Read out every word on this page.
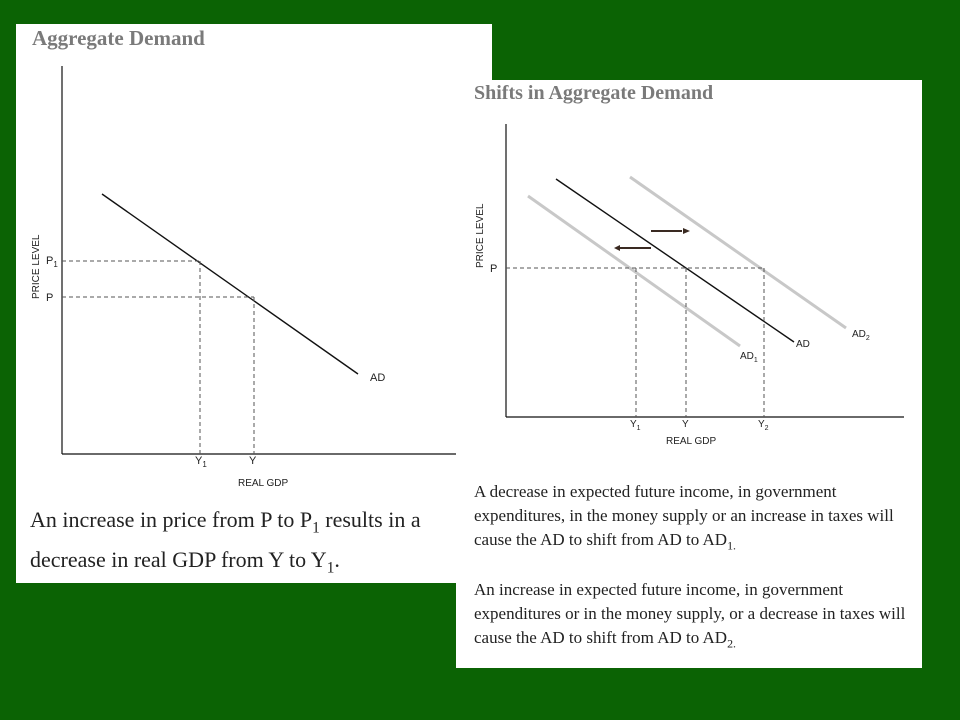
Aggregate Demand
PRICE LEVEL
REAL GDP
$P_1$
P
$Y_1$	Y
AD
An increase in price from P to $P_1$ results in a decrease in real GDP from Y to $Y_1$.
Shifts in Aggregate Demand
PRICE LEVEL
P
$Y_1$	Y	$Y_2$
REAL GDP
AD
$AD_1$
$AD_2$
A decrease in expected future income, in government expenditures, in the money supply or an increase in taxes will cause the AD to shift from AD to $AD_{1.}$
An increase in expected future income, in government expenditures or in the money supply, or a decrease in taxes will cause the AD to shift from AD to $AD_{2.}$
